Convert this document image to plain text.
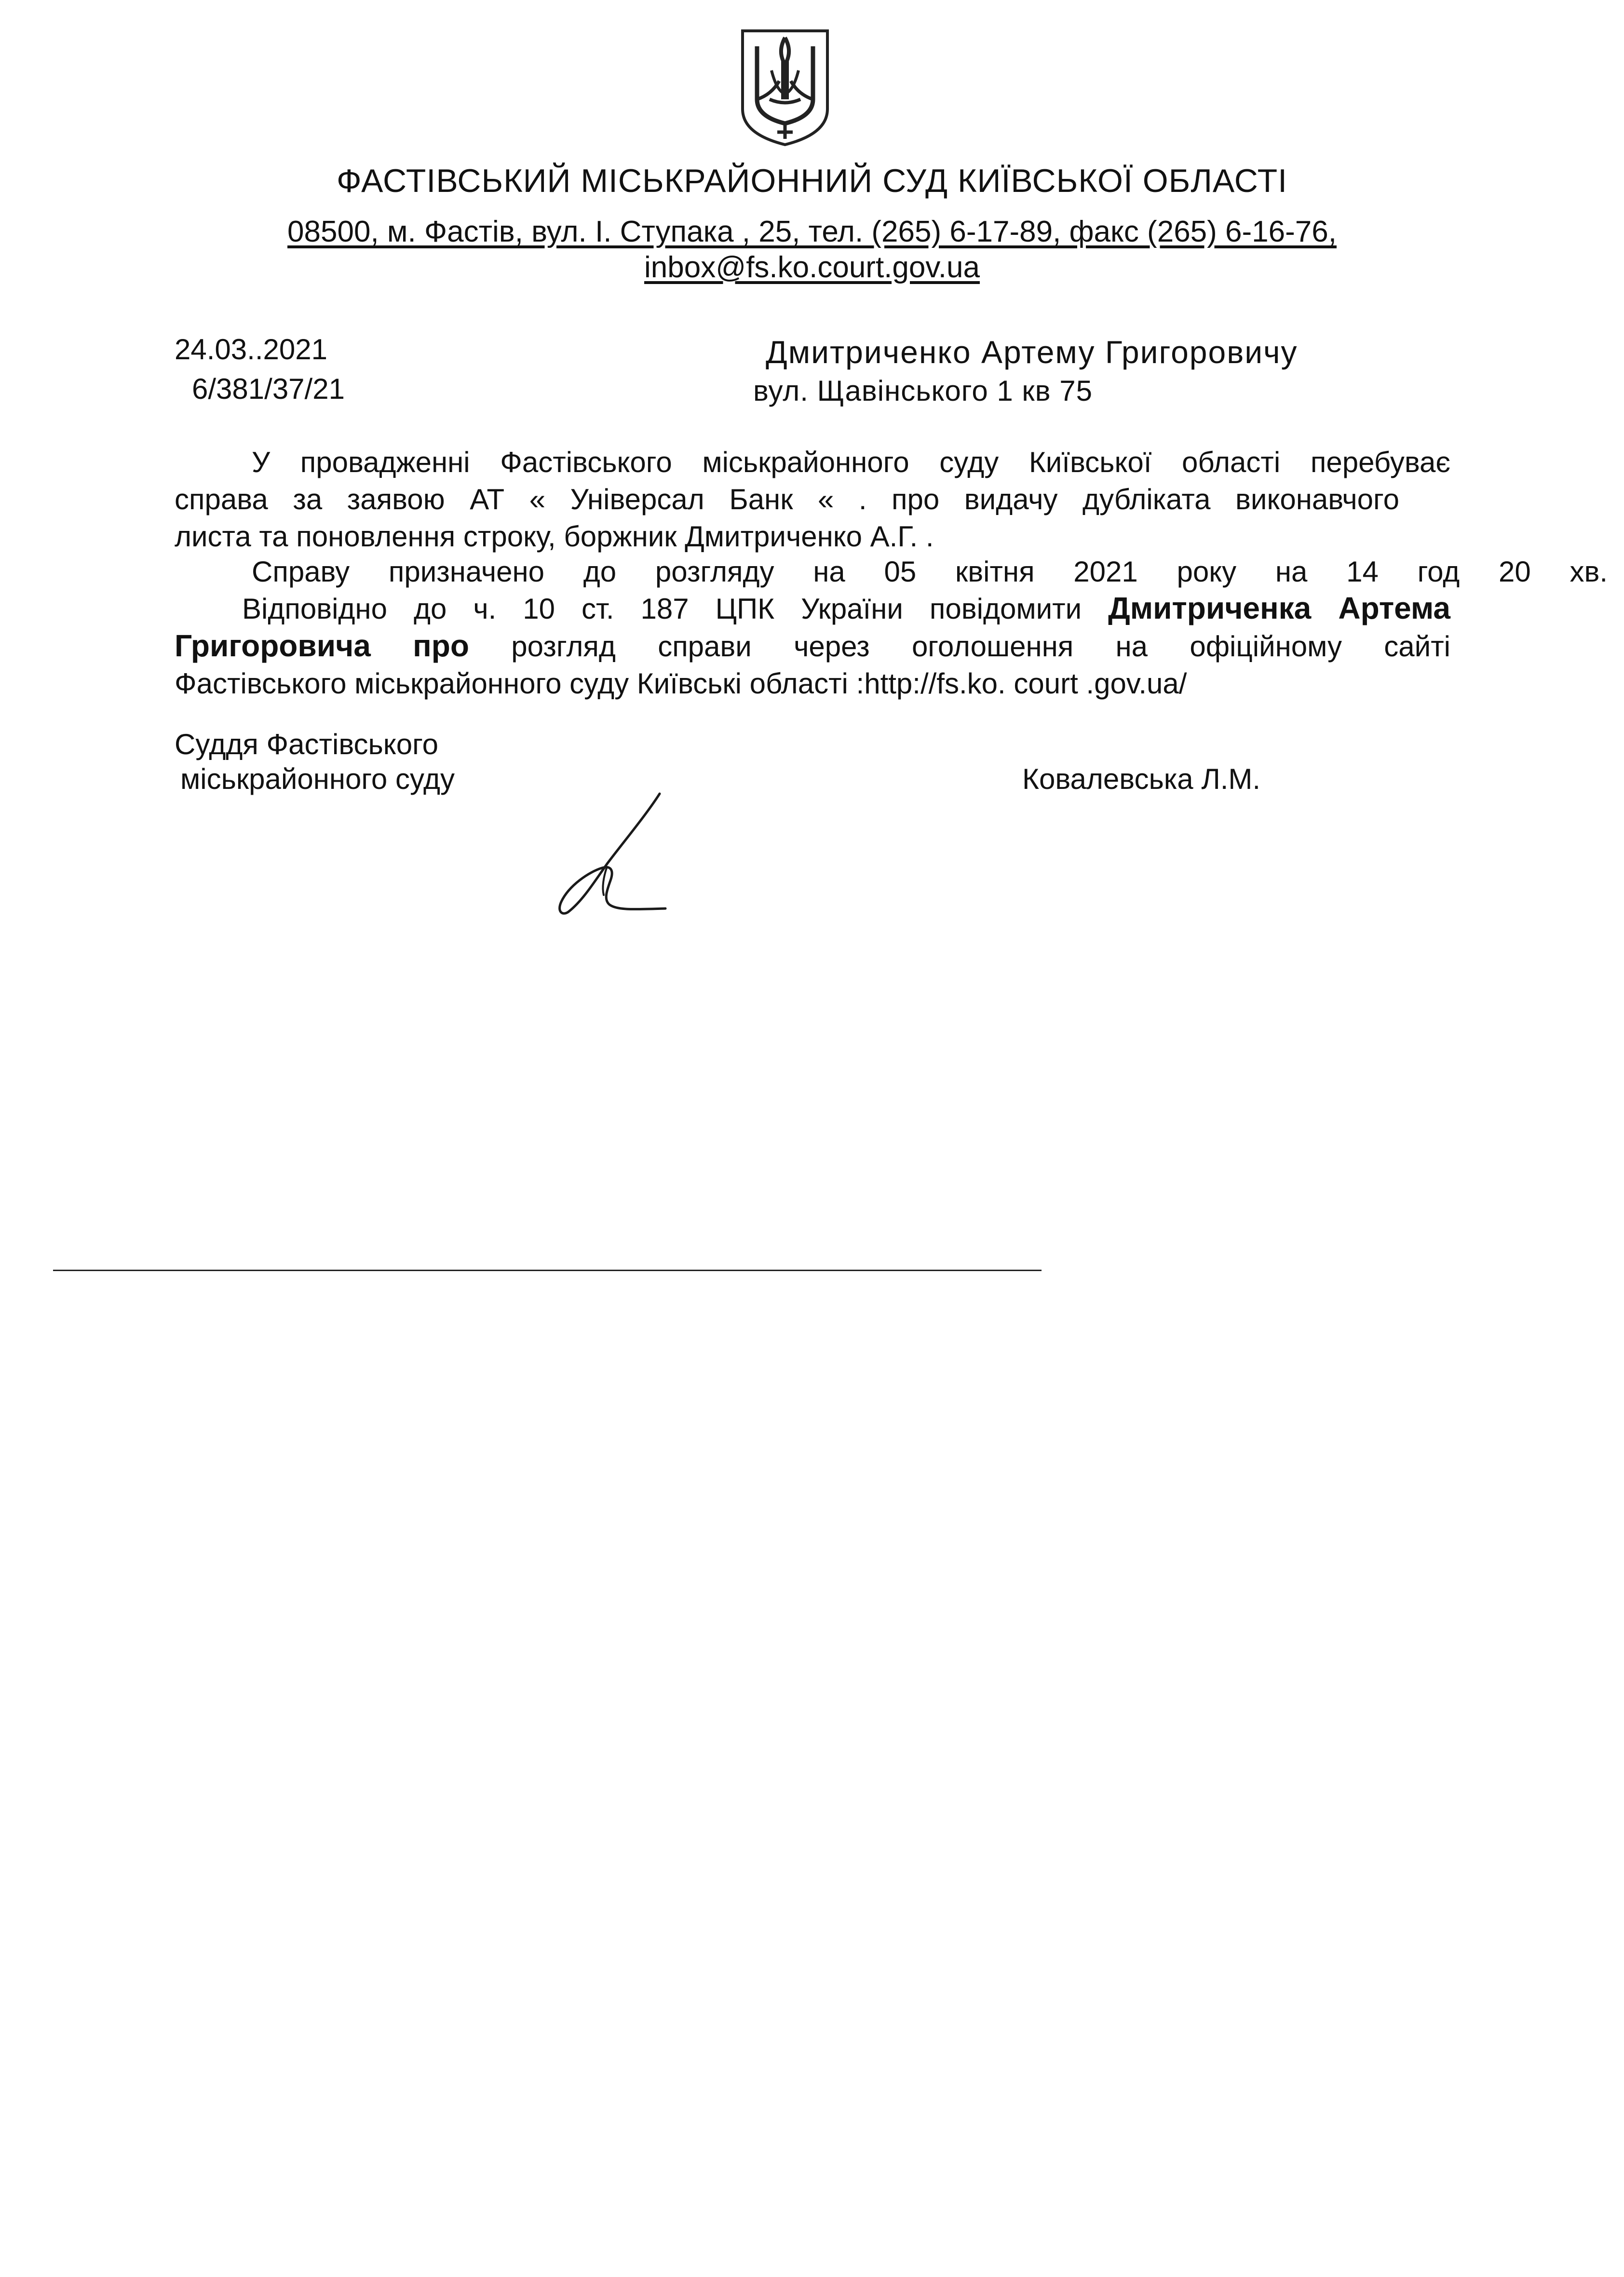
ФАСТІВСЬКИЙ МІСЬКРАЙОННИЙ СУД КИЇВСЬКОЇ ОБЛАСТІ
08500, м. Фастів, вул. І. Ступака , 25, тел. (265) 6-17-89, факс (265) 6-16-76,
inbox@fs.ko.court.gov.ua
24.03..2021
6/381/37/21
Дмитриченко Артему Григоровичу
вул. Щавінського 1 кв 75
У провадженні Фастівського міськрайонного суду Київської області перебуває
справа за заявою АТ « Універсал Банк « . про видачу дубліката виконавчого
листа та поновлення строку, боржник Дмитриченко А.Г. .
Справу призначено до розгляду на 05 квітня 2021 року на 14 год 20 хв.
Відповідно до ч. 10 ст. 187 ЦПК України повідомити Дмитриченка Артема
Григоровича про розгляд справи через оголошення на офіційному сайті
Фастівського міськрайонного суду Київські області :http://fs.ko. court .gov.ua/
Суддя Фастівського
міськрайонного суду	Ковалевська Л.М.
